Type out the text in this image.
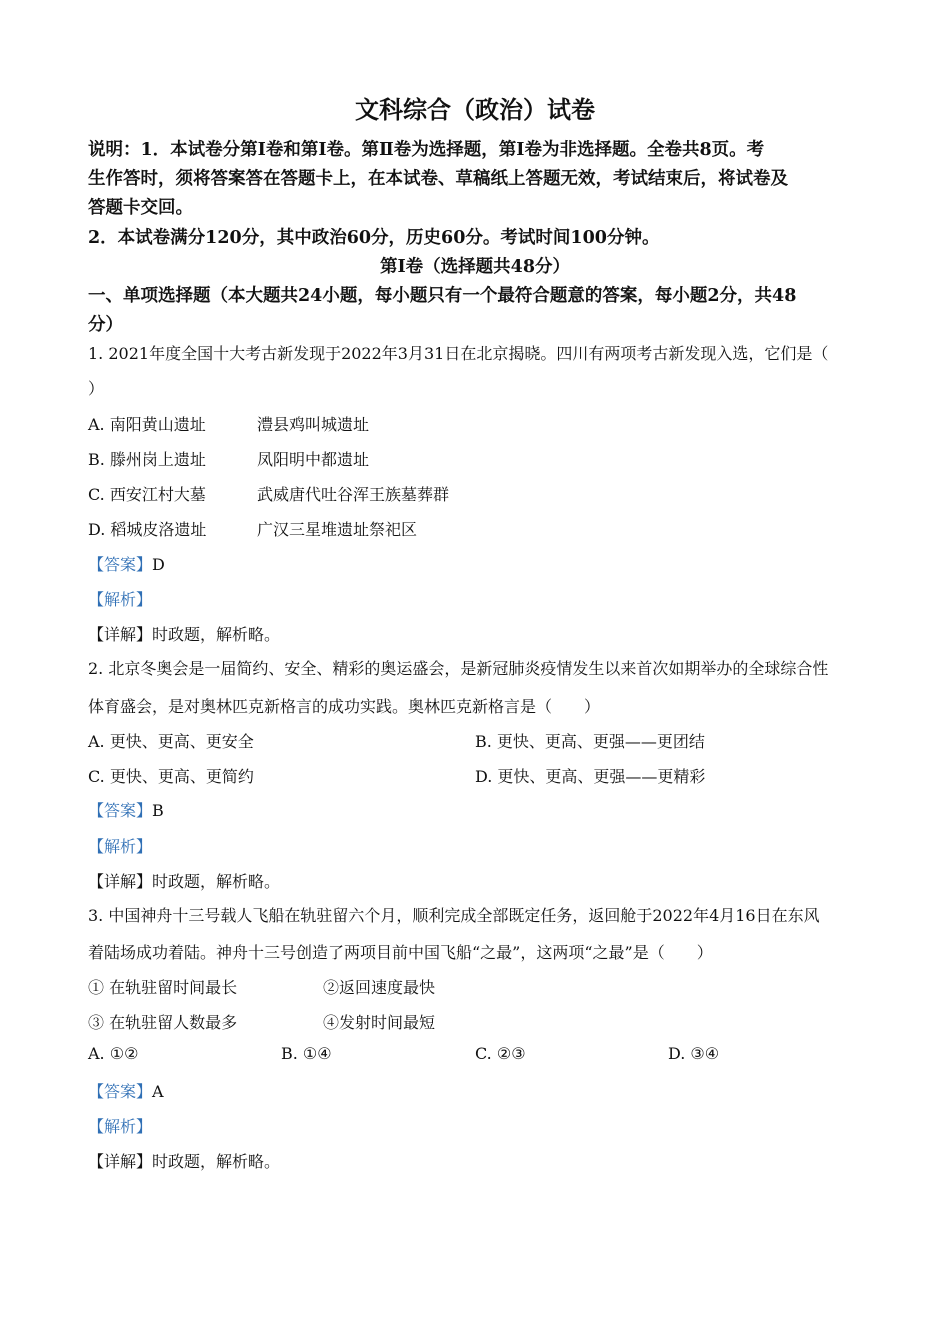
文科综合（政治）试卷
说明：1．本试卷分第Ⅰ卷和第Ⅰ卷。第Ⅱ卷为选择题，第Ⅰ卷为非选择题。全卷共8页。考
生作答时，须将答案答在答题卡上，在本试卷、草稿纸上答题无效，考试结束后，将试卷及
答题卡交回。
2．本试卷满分120分，其中政治60分，历史60分。考试时间100分钟。
第Ⅰ卷（选择题共48分）
一、单项选择题（本大题共24小题，每小题只有一个最符合题意的答案，每小题2分，共48
分）
1. 2021年度全国十大考古新发现于2022年3月31日在北京揭晓。四川有两项考古新发现入选，它们是（
）
A. 南阳黄山遗址	澧县鸡叫城遗址
B. 滕州岗上遗址	凤阳明中都遗址
C. 西安江村大墓	武威唐代吐谷浑王族墓葬群
D. 稻城皮洛遗址	广汉三星堆遗址祭祀区
【答案】D
【解析】
【详解】时政题，解析略。
2. 北京冬奥会是一届简约、安全、精彩的奥运盛会，是新冠肺炎疫情发生以来首次如期举办的全球综合性
体育盛会，是对奥林匹克新格言的成功实践。奥林匹克新格言是（　　）
A. 更快、更高、更安全	B. 更快、更高、更强——更团结
C. 更快、更高、更简约	D. 更快、更高、更强——更精彩
【答案】B
【解析】
【详解】时政题，解析略。
3. 中国神舟十三号载人飞船在轨驻留六个月，顺利完成全部既定任务，返回舱于2022年4月16日在东风
着陆场成功着陆。神舟十三号创造了两项目前中国飞船“之最”，这两项“之最”是（　　）
① 在轨驻留时间最长	②返回速度最快
③ 在轨驻留人数最多	④发射时间最短
A. ①②	B. ①④	C. ②③	D. ③④
【答案】A
【解析】
【详解】时政题，解析略。
